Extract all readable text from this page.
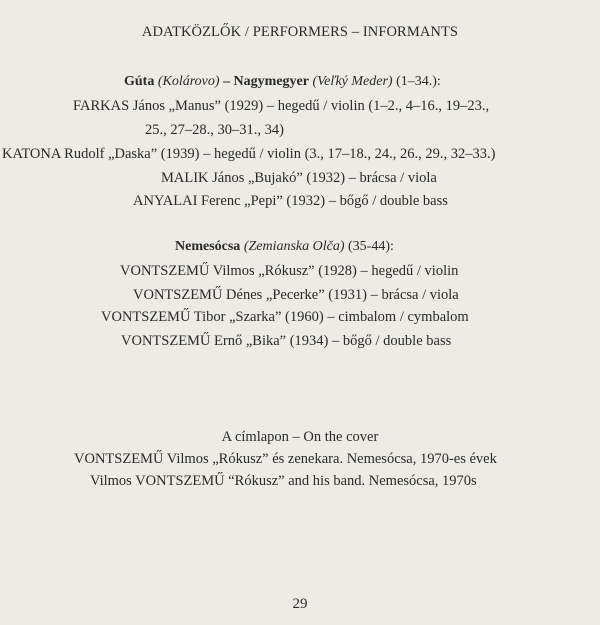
ADATKÖZLŐK / PERFORMERS – INFORMANTS
Gúta (Kolárovo) – Nagymegyer (Veľký Meder) (1–34.):
FARKAS János „Manus” (1929) – hegedű / violin (1–2., 4–16., 19–23.,
25., 27–28., 30–31., 34)
KATONA Rudolf „Daska” (1939) – hegedű / violin (3., 17–18., 24., 26., 29., 32–33.)
MALIK János „Bujakó” (1932) – brácsa / viola
ANYALAI Ferenc „Pepi” (1932) – bőgő / double bass
Nemesócsa (Zemianska Olča) (35-44):
VONTSZEMŰ Vilmos „Rókusz” (1928) – hegedű / violin
VONTSZEMŰ Dénes „Pecerke” (1931) – brácsa / viola
VONTSZEMŰ Tibor „Szarka” (1960) – cimbalom / cymbalom
VONTSZEMŰ Ernő „Bika” (1934) – bőgő / double bass
A címlapon – On the cover
VONTSZEMŰ Vilmos „Rókusz” és zenekara. Nemesócsa, 1970-es évek
Vilmos VONTSZEMŰ “Rókusz” and his band. Nemesócsa, 1970s
29
